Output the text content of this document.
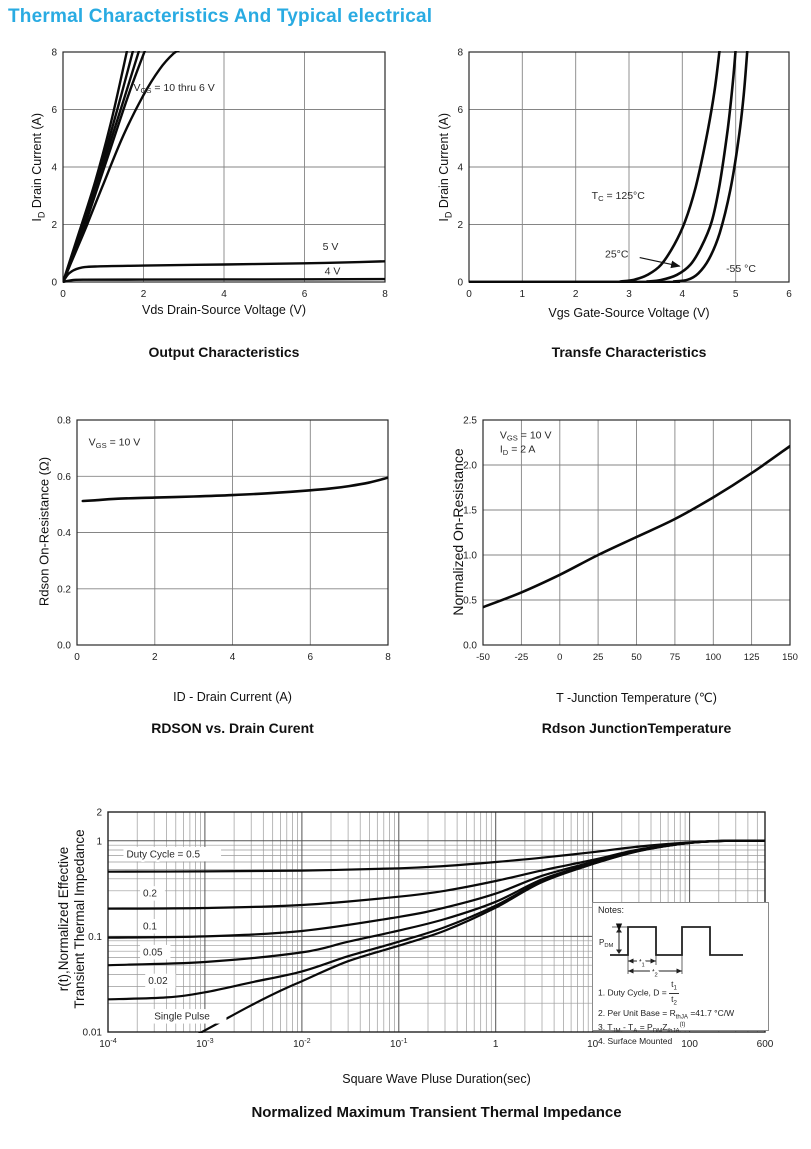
Thermal Characteristics And Typical electrical
0	2	4	6	8
0
2
4
6
8
$V_{GS} = 10$ thru 6 V
5 V
4 V
0	1	2	3	4	5	6
0
2
4
6
8
$T_C = 125^\circ C$
25°C
-55 °C
0	2	4	6	8
0.0
0.2
0.4
0.6
0.8
$V_{GS} = 10$ V
-50	-25	0	25	50	75	100 125 150
0.0
0.5
1.0
1.5
2.0
2.5
$V_{GS} = 10$ V
$I_D = 2$ A
$10^{-4}$	$10^{-3}$	$10^{-2}$	$10^{-1}$	1	10	100	600
2
1
0.1
0.01
Duty Cycle = 0.5
0.2
0.1
0.05
0.02
Single Pulse
Vds Drain-Source Voltage (V)
Output Characteristics
$I_D$ Drain Current (A)
Vgs Gate-Source Voltage (V)
Transfe Characteristics
$I_D$ Drain Current (A)
ID - Drain Current (A)
RDSON vs. Drain Curent
Rdson On-Resistance (Ω)
T -Junction Temperature (℃)
Rdson JunctionTemperature
Normalized On-Resistance
Square Wave Pluse Duration(sec)
Normalized Maximum Transient Thermal Impedance
r(t),Normalized Effective Transient Thermal Impedance	Notes:
$P_{DM}$
$t_1$
$t_2$
1. Duty Cycle, $D = \frac{t_1}{t_2}$
2. Per Unit Base = $R_{thJA} =41.7$ °C/W
3. $T_{JM} - T_A = P_{DM}Z_{thJA}^{(t)}$
4. Surface Mounted
